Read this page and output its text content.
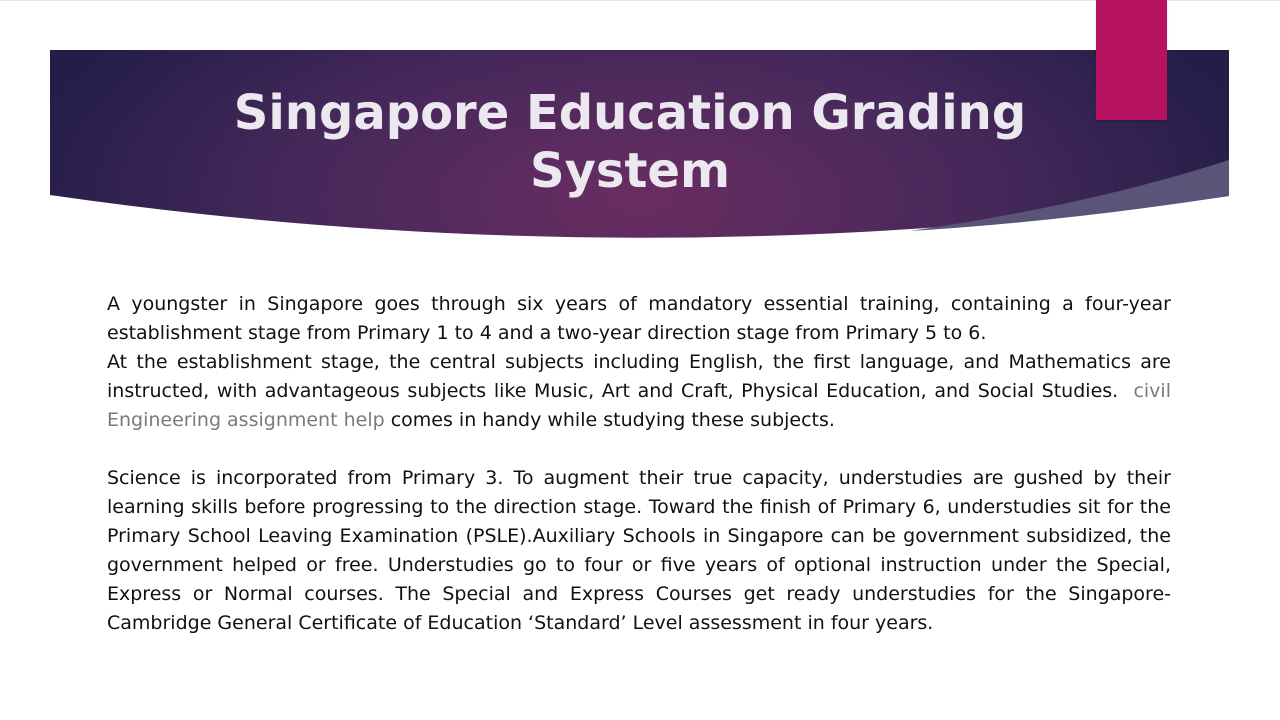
Singapore Education Grading System

A youngster in Singapore goes through six years of mandatory essential training, containing a four-year establishment stage from Primary 1 to 4 and a two-year direction stage from Primary 5 to 6.

At the establishment stage, the central subjects including English, the first language, and Mathematics are instructed, with advantageous subjects like Music, Art and Craft, Physical Education, and Social Studies. civil Engineering assignment help comes in handy while studying these subjects.

Science is incorporated from Primary 3. To augment their true capacity, understudies are gushed by their learning skills before progressing to the direction stage. Toward the finish of Primary 6, understudies sit for the Primary School Leaving Examination (PSLE).Auxiliary Schools in Singapore can be government subsidized, the government helped or free. Understudies go to four or five years of optional instruction under the Special, Express or Normal courses. The Special and Express Courses get ready understudies for the Singapore-Cambridge General Certificate of Education ‘Standard’ Level assessment in four years.
